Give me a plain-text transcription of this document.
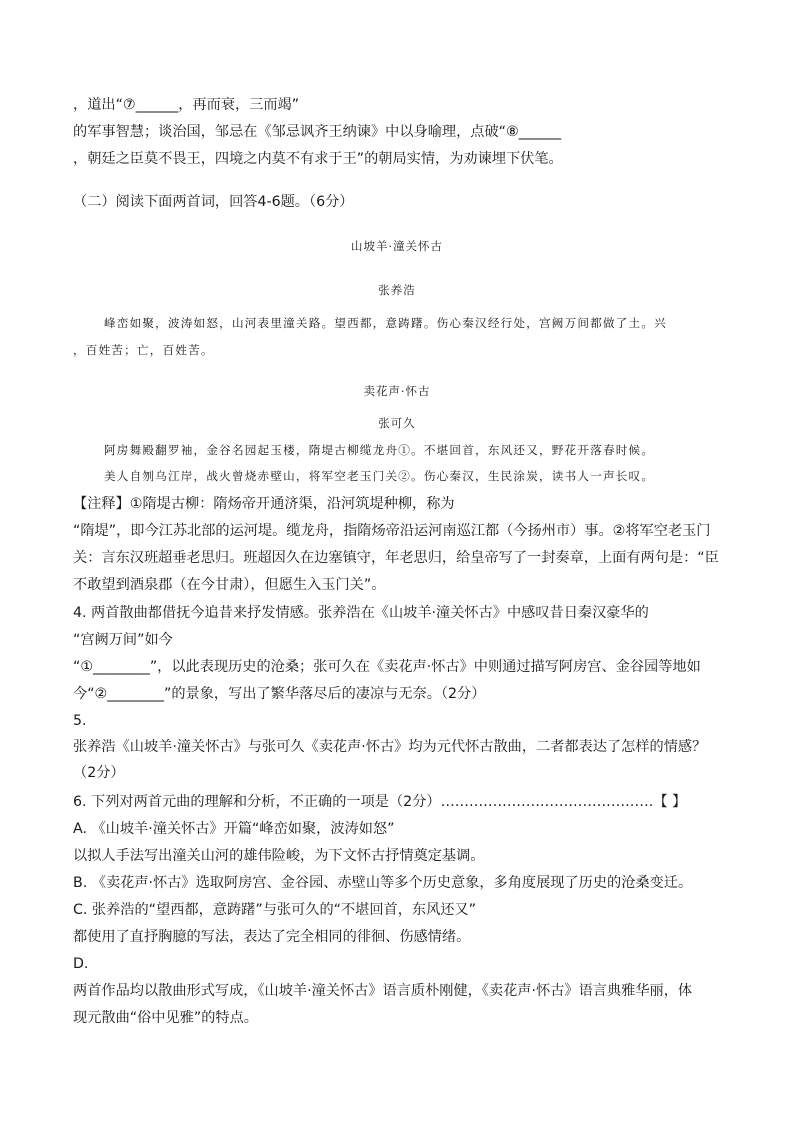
，道出“⑦______，再而衰，三而竭”
的军事智慧；谈治国，邹忌在《邹忌讽齐王纳谏》中以身喻理，点破“⑧______
，朝廷之臣莫不畏王，四境之内莫不有求于王”的朝局实情，为劝谏埋下伏笔。
（二）阅读下面两首词，回答4-6题。（6分）
山坡羊·潼关怀古
张养浩
峰峦如聚，波涛如怒，山河表里潼关路。望西都，意踌躇。伤心秦汉经行处，宫阙万间都做了土。兴
，百姓苦；亡，百姓苦。
卖花声·怀古
张可久
阿房舞殿翻罗袖，金谷名园起玉楼，隋堤古柳缆龙舟①。不堪回首，东风还又，野花开落春时候。
美人自刎乌江岸，战火曾烧赤壁山，将军空老玉门关②。伤心秦汉，生民涂炭，读书人一声长叹。
【注释】①隋堤古柳：隋炀帝开通济渠，沿河筑堤种柳，称为
“隋堤”，即今江苏北部的运河堤。缆龙舟，指隋炀帝沿运河南巡江都（今扬州市）事。②将军空老玉门
关：言东汉班超垂老思归。班超因久在边塞镇守，年老思归，给皇帝写了一封奏章，上面有两句是：“臣
不敢望到酒泉郡（在今甘肃），但愿生入玉门关”。
4. 两首散曲都借抚今追昔来抒发情感。张养浩在《山坡羊·潼关怀古》中感叹昔日秦汉豪华的
“宫阙万间”如今
“①________”，以此表现历史的沧桑；张可久在《卖花声·怀古》中则通过描写阿房宫、金谷园等地如
今“②________”的景象，写出了繁华落尽后的凄凉与无奈。（2分）
5.
张养浩《山坡羊·潼关怀古》与张可久《卖花声·怀古》均为元代怀古散曲，二者都表达了怎样的情感？
（2分）
6. 下列对两首元曲的理解和分析，不正确的一项是（2分）………………………………………【 】
A. 《山坡羊·潼关怀古》开篇“峰峦如聚，波涛如怒”
以拟人手法写出潼关山河的雄伟险峻，为下文怀古抒情奠定基调。
B. 《卖花声·怀古》选取阿房宫、金谷园、赤壁山等多个历史意象，多角度展现了历史的沧桑变迁。
C. 张养浩的“望西都，意踌躇”与张可久的“不堪回首，东风还又”
都使用了直抒胸臆的写法，表达了完全相同的徘徊、伤感情绪。
D.
两首作品均以散曲形式写成，《山坡羊·潼关怀古》语言质朴刚健，《卖花声·怀古》语言典雅华丽，体
现元散曲“俗中见雅”的特点。
